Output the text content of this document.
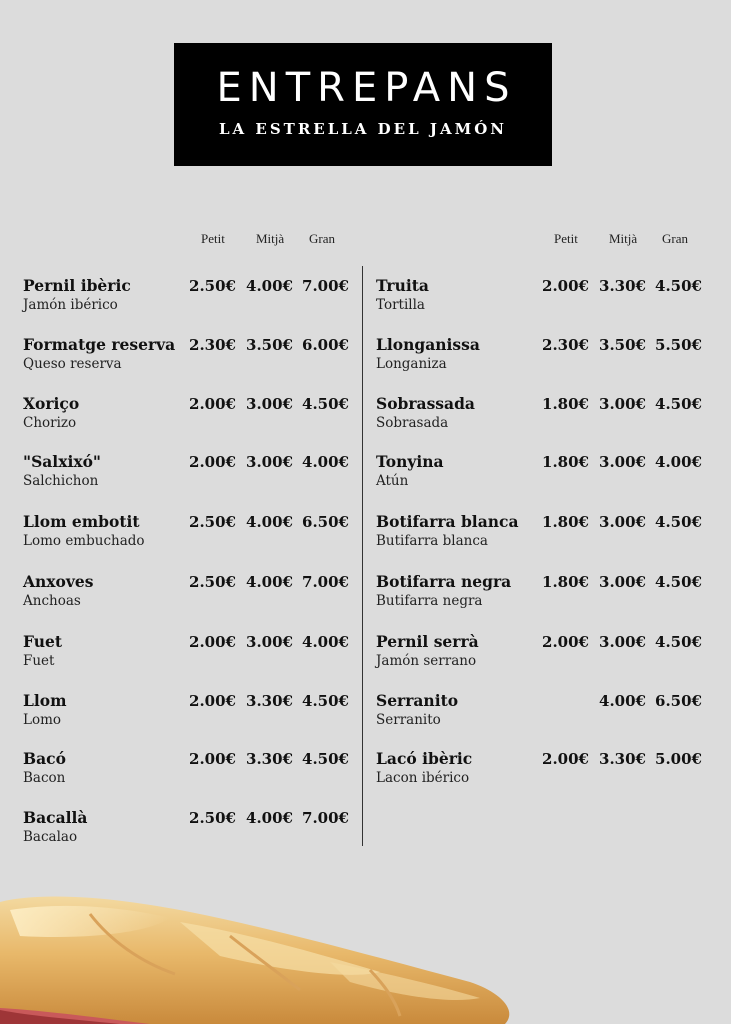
ENTREPANS
LA ESTRELLA DEL JAMÓN
Petit Mitjà Gran	Petit Mitjà Gran
Pernil ibèric
Jamón ibérico
2.50€ 4.00€ 7.00€
Formatge reserva
Queso reserva
2.30€ 3.50€ 6.00€
Xoriço
Chorizo
2.00€ 3.00€ 4.50€
"Salxixó"
Salchichon
2.00€ 3.00€ 4.00€
Llom embotit
Lomo embuchado
2.50€ 4.00€ 6.50€
Anxoves
Anchoas
2.50€ 4.00€ 7.00€
Fuet
Fuet
2.00€ 3.00€ 4.00€
Llom
Lomo
2.00€ 3.30€ 4.50€
Bacó
Bacon
2.00€ 3.30€ 4.50€
Bacallà
Bacalao
2.50€ 4.00€ 7.00€
Truita
Tortilla
2.00€ 3.30€ 4.50€
Llonganissa
Longaniza
2.30€ 3.50€ 5.50€
Sobrassada
Sobrasada
1.80€ 3.00€ 4.50€
Tonyina
Atún
1.80€ 3.00€ 4.00€
Botifarra blanca
Butifarra blanca
1.80€ 3.00€ 4.50€
Botifarra negra
Butifarra negra
1.80€ 3.00€ 4.50€
Pernil serrà
Jamón serrano
2.00€ 3.00€ 4.50€
Serranito
Serranito
4.00€ 6.50€
Lacó ibèric
Lacon ibérico
2.00€ 3.30€ 5.00€
